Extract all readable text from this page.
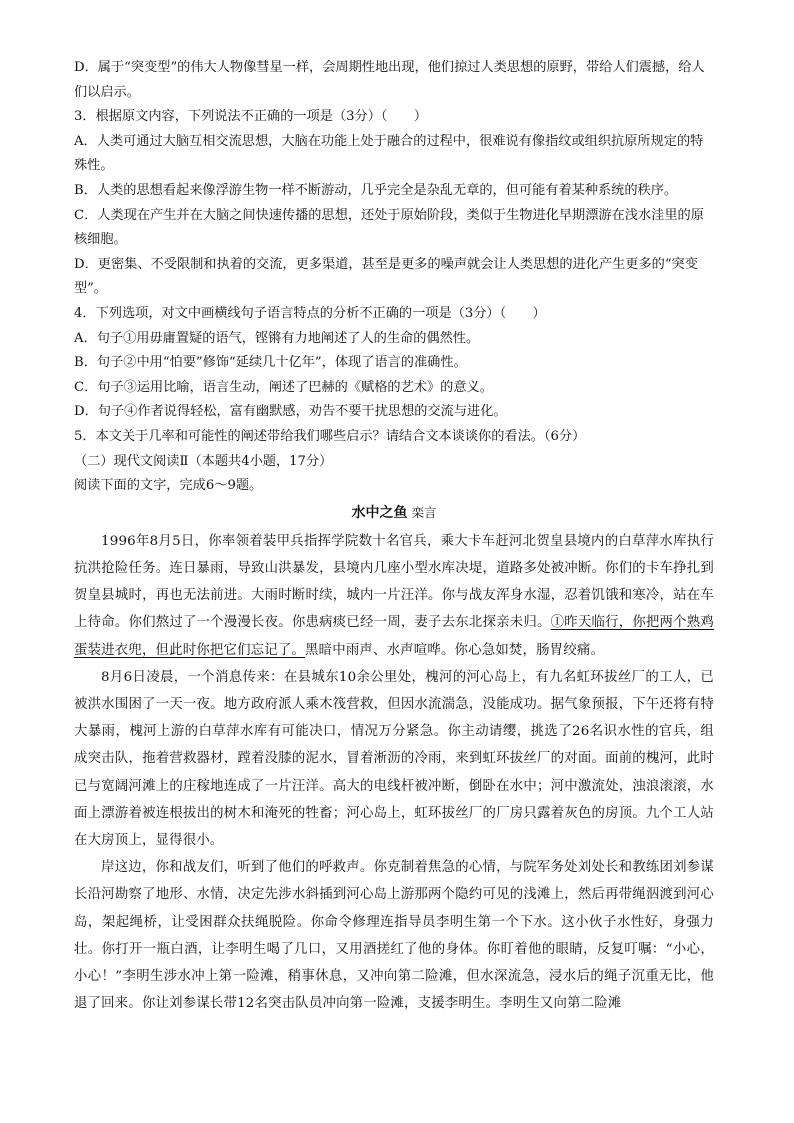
D．属于“突变型”的伟大人物像彗星一样，会周期性地出现，他们掠过人类思想的原野，带给人们震撼，给人们以启示。

3．根据原文内容，下列说法不正确的一项是（3分）（　　）

A．人类可通过大脑互相交流思想，大脑在功能上处于融合的过程中，很难说有像指纹或组织抗原所规定的特殊性。

B．人类的思想看起来像浮游生物一样不断游动，几乎完全是杂乱无章的，但可能有着某种系统的秩序。

C．人类现在产生并在大脑之间快速传播的思想，还处于原始阶段，类似于生物进化早期漂游在浅水洼里的原核细胞。

D．更密集、不受限制和执着的交流，更多渠道，甚至是更多的噪声就会让人类思想的进化产生更多的“突变型”。

4．下列选项，对文中画横线句子语言特点的分析不正确的一项是（3分）（　　）

A．句子①用毋庸置疑的语气，铿锵有力地阐述了人的生命的偶然性。

B．句子②中用“怕要”修饰“延续几十亿年”，体现了语言的准确性。

C．句子③运用比喻，语言生动，阐述了巴赫的《赋格的艺术》的意义。

D．句子④作者说得轻松，富有幽默感，劝告不要干扰思想的交流与进化。

5．本文关于几率和可能性的阐述带给我们哪些启示？请结合文本谈谈你的看法。（6分）

（二）现代文阅读Ⅱ（本题共4小题，17分）

阅读下面的文字，完成6～9题。

水中之鱼 栾言

1996年8月5日，你率领着装甲兵指挥学院数十名官兵，乘大卡车赶河北贺皇县境内的白草萍水库执行抗洪抢险任务。连日暴雨，导致山洪暴发，县境内几座小型水库决堤，道路多处被冲断。你们的卡车挣扎到贺皇县城时，再也无法前进。大雨时断时续，城内一片汪洋。你与战友浑身水湿，忍着饥饿和寒冷，站在车上待命。你们熬过了一个漫漫长夜。你患病痰已经一周，妻子去东北探亲未归。①昨天临行，你把两个熟鸡蛋装进衣兜，但此时你把它们忘记了。黑暗中雨声、水声喧哗。你心急如焚，肠胃绞痛。

8月6日凌晨，一个消息传来：在县城东10余公里处，槐河的河心岛上，有九名虹环拔丝厂的工人，已被洪水围困了一天一夜。地方政府派人乘木筏营救，但因水流湍急，没能成功。据气象预报，下午还将有特大暴雨，槐河上游的白草萍水库有可能决口，情况万分紧急。你主动请缨，挑选了26名识水性的官兵，组成突击队，拖着营救器材，蹚着没膝的泥水，冒着淅沥的冷雨，来到虹环拔丝厂的对面。面前的槐河，此时已与宽阔河滩上的庄稼地连成了一片汪洋。高大的电线杆被冲断，倒卧在水中；河中激流处，浊浪滚滚，水面上漂游着被连根拔出的树木和淹死的牲畜；河心岛上，虹环拔丝厂的厂房只露着灰色的房顶。九个工人站在大房顶上，显得很小。

岸这边，你和战友们，听到了他们的呼救声。你克制着焦急的心情，与院军务处刘处长和教练团刘参谋长沿河勘察了地形、水情，决定先涉水斜插到河心岛上游那两个隐约可见的浅滩上，然后再带绳泅渡到河心岛，架起绳桥，让受困群众扶绳脱险。你命令修理连指导员李明生第一个下水。这小伙子水性好，身强力壮。你打开一瓶白酒，让李明生喝了几口，又用酒搓红了他的身体。你盯着他的眼睛，反复叮嘱：“小心，小心！”李明生涉水冲上第一险滩，稍事休息，又冲向第二险滩，但水深流急，浸水后的绳子沉重无比，他退了回来。你让刘参谋长带12名突击队员冲向第一险滩，支援李明生。李明生又向第二险滩
